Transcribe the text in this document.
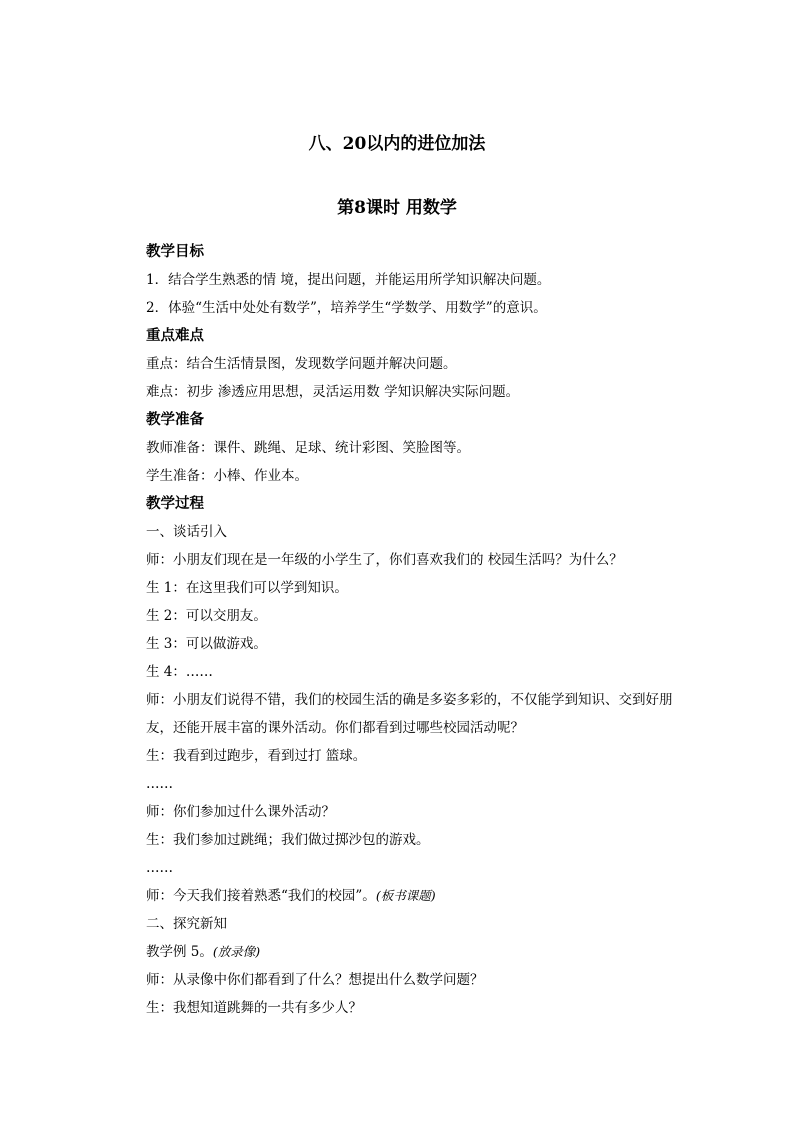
八、20以内的进位加法
第8课时 用数学
教学目标
1．结合学生熟悉的情 境，提出问题，并能运用所学知识解决问题。
2．体验“生活中处处有数学”，培养学生“学数学、用数学”的意识。
重点难点
重点：结合生活情景图，发现数学问题并解决问题。
难点：初步 渗透应用思想，灵活运用数 学知识解决实际问题。
教学准备
教师准备：课件、跳绳、足球、统计彩图、笑脸图等。
学生准备：小棒、作业本。
教学过程
一、谈话引入
师：小朋友们现在是一年级的小学生了，你们喜欢我们的 校园生活吗？为什么？
生 1：在这里我们可以学到知识。
生 2：可以交朋友。
生 3：可以做游戏。
生 4：……
师：小朋友们说得不错，我们的校园生活的确是多姿多彩的，不仅能学到知识、交到好朋友，还能开展丰富的课外活动。你们都看到过哪些校园活动呢？
生：我看到过跑步，看到过打 篮球。
……
师：你们参加过什么课外活动？
生：我们参加过跳绳；我们做过掷沙包的游戏。
……
师：今天我们接着熟悉“我们的校园”。(板书课题)
二、探究新知
教学例 5。(放录像)
师：从录像中你们都看到了什么？想提出什么数学问题？
生：我想知道跳舞的一共有多少人？
